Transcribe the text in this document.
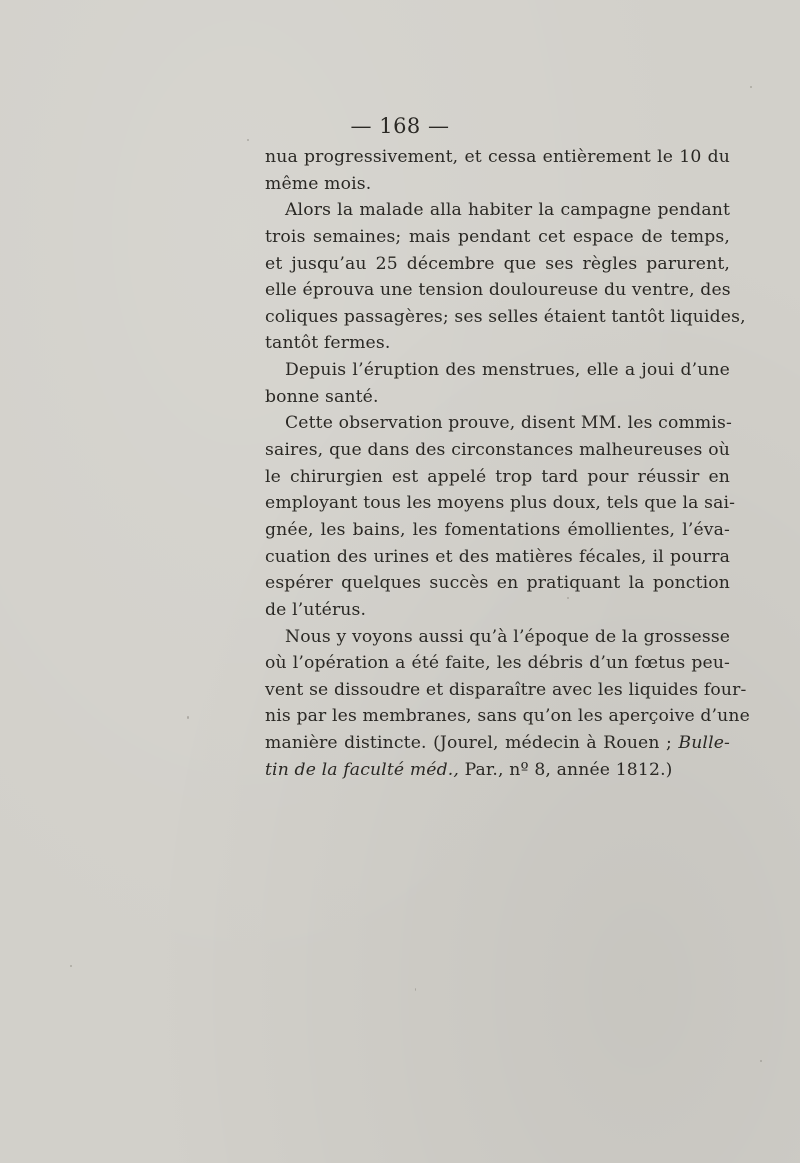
— 168 —
nua progressivement, et cessa entièrement le 10 du
même mois.
Alors la malade alla habiter la campagne pendant
trois semaines; mais pendant cet espace de temps,
et jusqu’au 25 décembre que ses règles parurent,
elle éprouva une tension douloureuse du ventre, des
coliques passagères; ses selles étaient tantôt liquides,
tantôt fermes.
Depuis l’éruption des menstrues, elle a joui d’une
bonne santé.
Cette observation prouve, disent MM. les commis-
saires, que dans des circonstances malheureuses où
le chirurgien est appelé trop tard pour réussir en
employant tous les moyens plus doux, tels que la sai-
gnée, les bains, les fomentations émollientes, l’éva-
cuation des urines et des matières fécales, il pourra
espérer quelques succès en pratiquant la ponction
de l’utérus.
Nous y voyons aussi qu’à l’époque de la grossesse
où l’opération a été faite, les débris d’un fœtus peu-
vent se dissoudre et disparaître avec les liquides four-
nis par les membranes, sans qu’on les aperçoive d’une
manière distincte. (Jourel, médecin à Rouen ; Bulle-
tin de la faculté méd., Par., nº 8, année 1812.)
